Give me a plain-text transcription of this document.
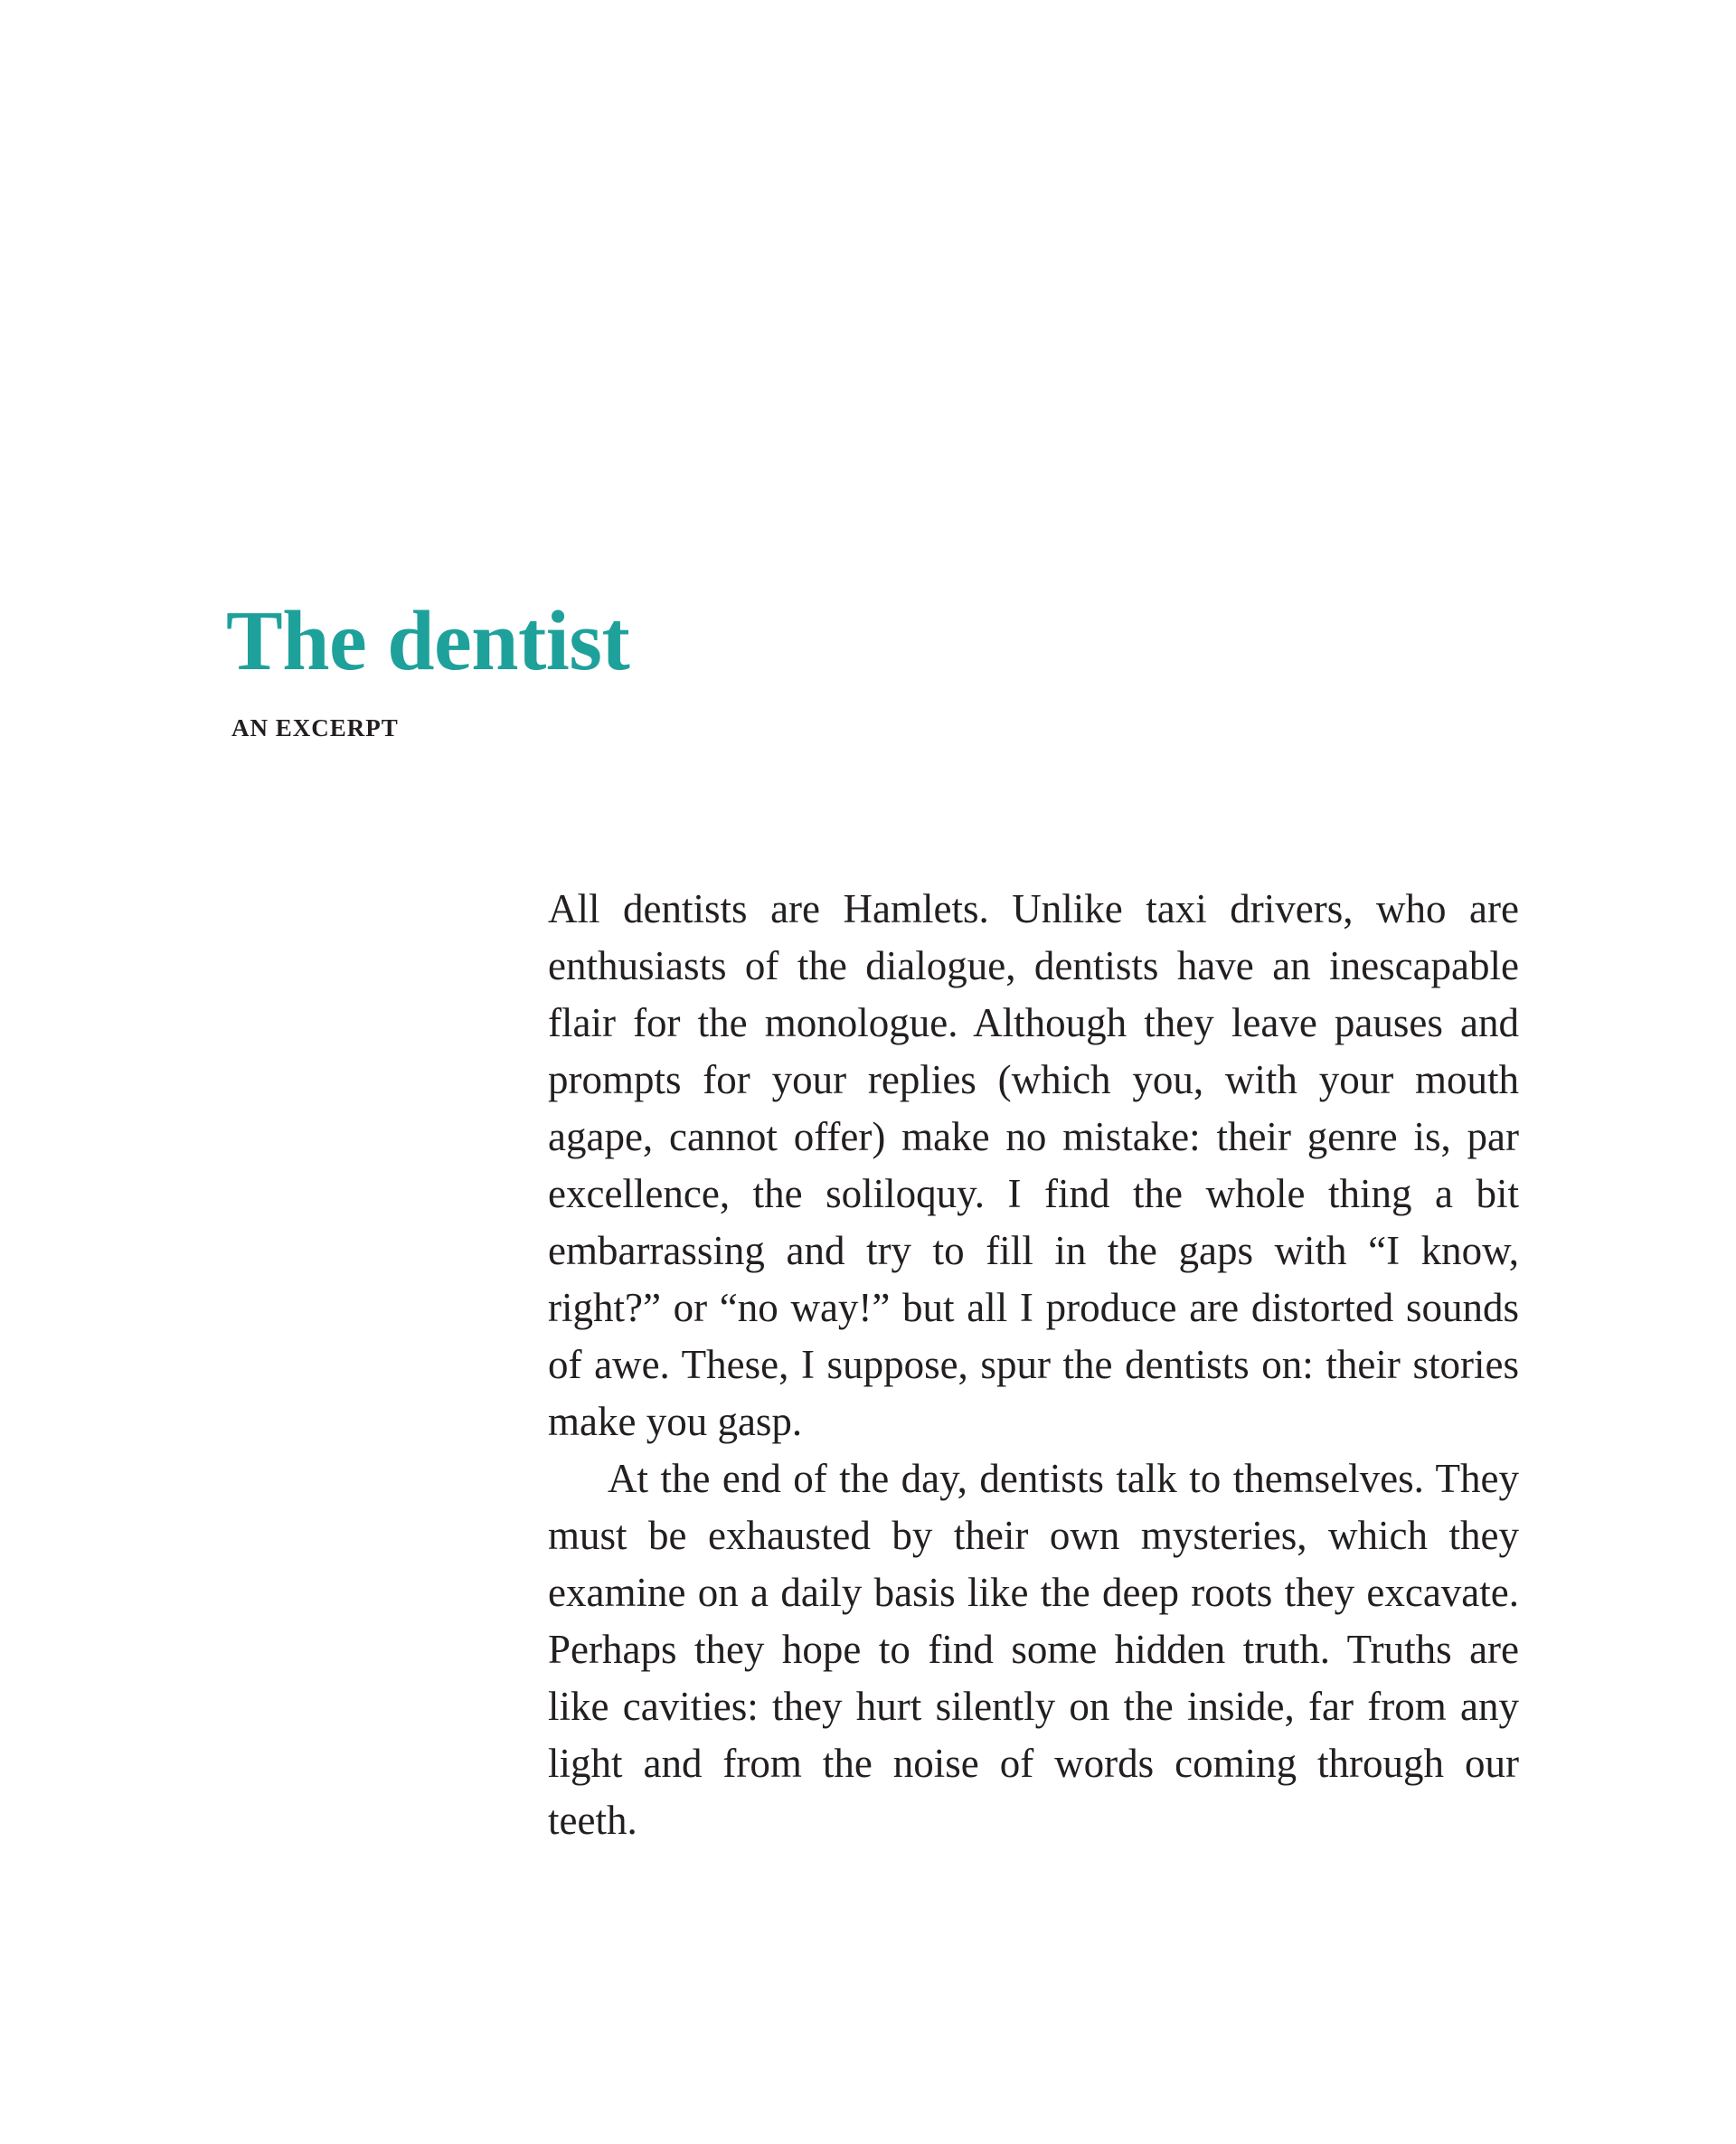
The dentist
AN EXCERPT

All dentists are Hamlets. Unlike taxi drivers, who are enthusiasts of the dialogue, dentists have an inescapable flair for the monologue. Although they leave pauses and prompts for your replies (which you, with your mouth agape, cannot offer) make no mistake: their genre is, par excellence, the soliloquy. I find the whole thing a bit embarrassing and try to fill in the gaps with “I know, right?” or “no way!” but all I produce are distorted sounds of awe. These, I suppose, spur the dentists on: their stories make you gasp.

At the end of the day, dentists talk to themselves. They must be exhausted by their own mysteries, which they examine on a daily basis like the deep roots they excavate. Perhaps they hope to find some hidden truth. Truths are like cavities: they hurt silently on the inside, far from any light and from the noise of words coming through our teeth.
